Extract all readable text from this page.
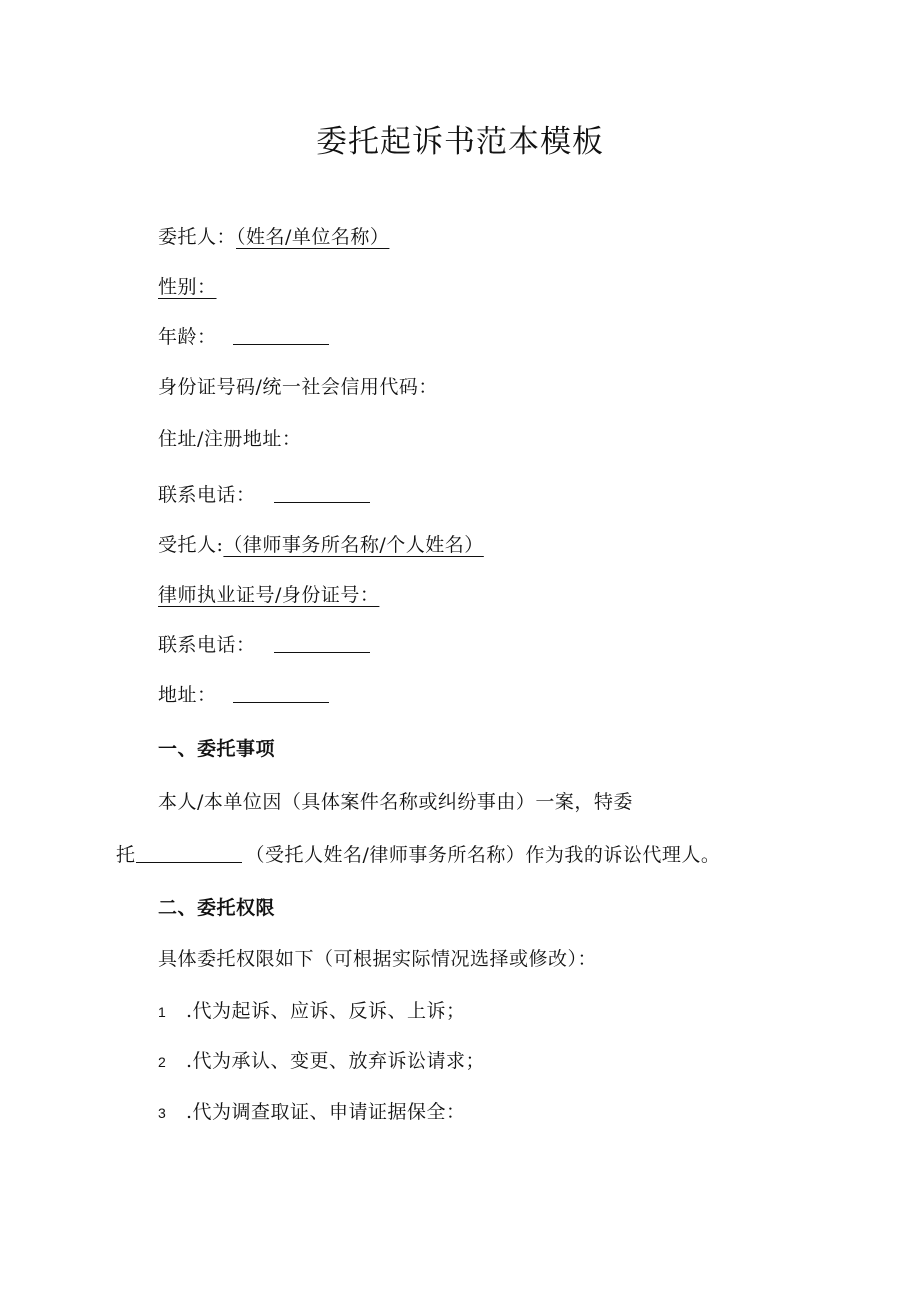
委托起诉书范本模板
委托人：（姓名/单位名称）
性别：
年龄：
身份证号码/统一社会信用代码：
住址/注册地址：
联系电话：
受托人:（律师事务所名称/个人姓名）
律师执业证号/身份证号：
联系电话：
地址：
一、委托事项
本人/本单位因（具体案件名称或纠纷事由）一案，特委
托	（受托人姓名/律师事务所名称）作为我的诉讼代理人。
二、委托权限
具体委托权限如下（可根据实际情况选择或修改）：
1 .代为起诉、应诉、反诉、上诉；
2 .代为承认、变更、放弃诉讼请求；
3 .代为调查取证、申请证据保全：
